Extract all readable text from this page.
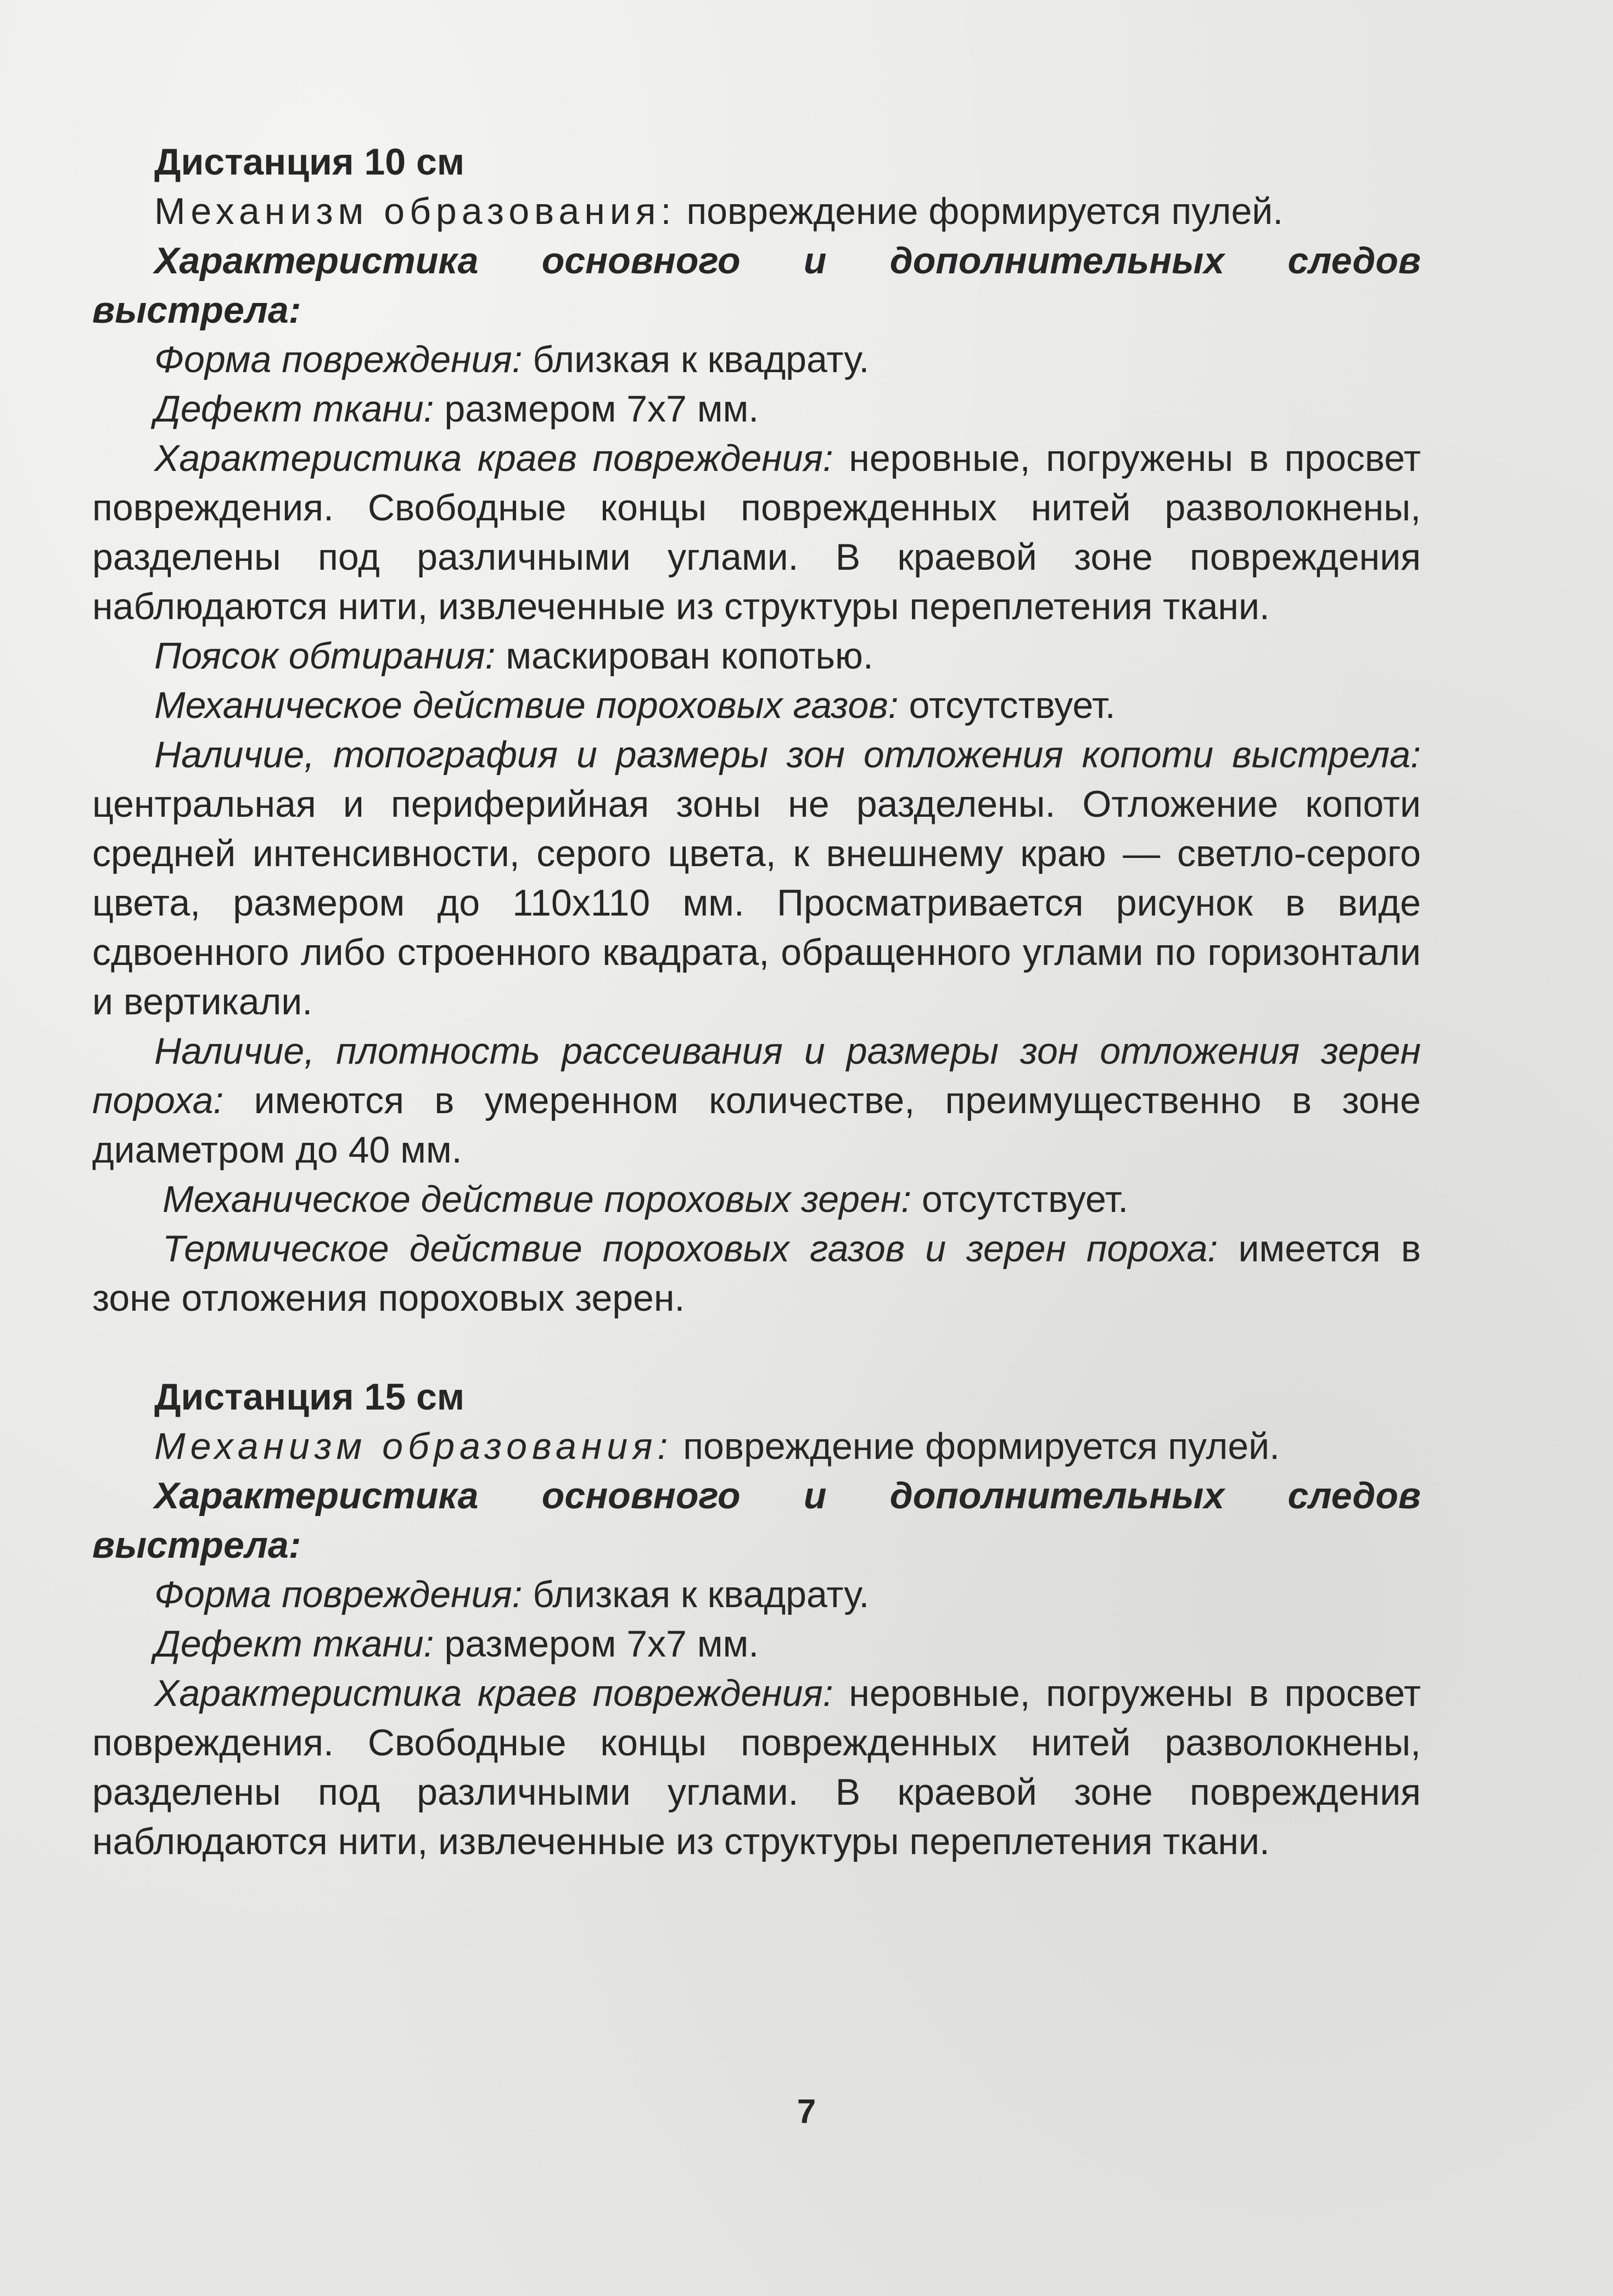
Дистанция 10 см

Механизм образования: повреждение формируется пулей.

Характеристика основного и дополнительных следов выстрела:

Форма повреждения: близкая к квадрату.

Дефект ткани: размером 7х7 мм.

Характеристика краев повреждения: неровные, погружены в просвет повреждения. Свободные концы поврежденных нитей разволокнены, разделены под различными углами. В краевой зоне повреждения наблюдаются нити, извлеченные из структуры переплетения ткани.

Поясок обтирания: маскирован копотью.

Механическое действие пороховых газов: отсутствует.

Наличие, топография и размеры зон отложения копоти выстрела: центральная и периферийная зоны не разделены. Отложение копоти средней интенсивности, серого цвета, к внешнему краю — светло-серого цвета, размером до 110х110 мм. Просматривается рисунок в виде сдвоенного либо строенного квадрата, обращенного углами по горизонтали и вертикали.

Наличие, плотность рассеивания и размеры зон отложения зерен пороха: имеются в умеренном количестве, преимущественно в зоне диаметром до 40 мм.

Механическое действие пороховых зерен: отсутствует.

Термическое действие пороховых газов и зерен пороха: имеется в зоне отложения пороховых зерен.

Дистанция 15 см

Механизм образования: повреждение формируется пулей.

Характеристика основного и дополнительных следов выстрела:

Форма повреждения: близкая к квадрату.

Дефект ткани: размером 7х7 мм.

Характеристика краев повреждения: неровные, погружены в просвет повреждения. Свободные концы поврежденных нитей разволокнены, разделены под различными углами. В краевой зоне повреждения наблюдаются нити, извлеченные из структуры переплетения ткани.

7
